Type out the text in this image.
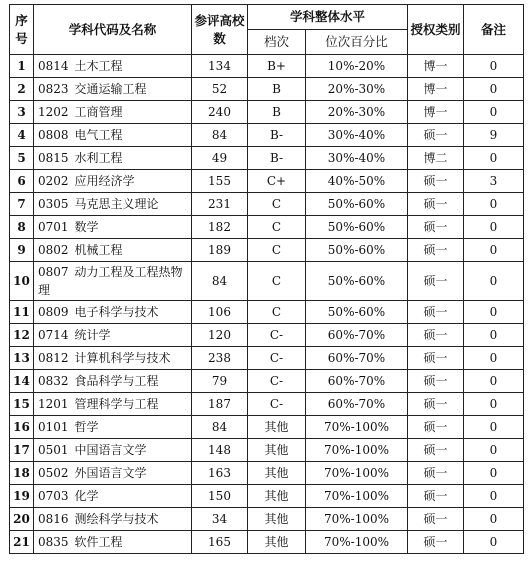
序号	学科代码及名称	参评高校数	学科整体水平		授权类别	备注
			档次	位次百分比		
1	0814 土木工程	134	B+	10%-20%	博一	0
2	0823 交通运输工程	52	B	20%-30%	博一	0
3	1202 工商管理	240	B	20%-30%	博一	0
4	0808 电气工程	84	B-	30%-40%	硕一	9
5	0815 水利工程	49	B-	30%-40%	博二	0
6	0202 应用经济学	155	C+	40%-50%	硕一	3
7	0305 马克思主义理论	231	C	50%-60%	硕一	0
8	0701 数学	182	C	50%-60%	硕一	0
9	0802 机械工程	189	C	50%-60%	硕一	0
10	0807 动力工程及工程热物理	84	C	50%-60%	硕一	0
11	0809 电子科学与技术	106	C	50%-60%	硕一	0
12	0714 统计学	120	C-	60%-70%	硕一	0
13	0812 计算机科学与技术	238	C-	60%-70%	硕一	0
14	0832 食品科学与工程	79	C-	60%-70%	硕一	0
15	1201 管理科学与工程	187	C-	60%-70%	硕一	0
16	0101 哲学	84	其他	70%-100%	硕一	0
17	0501 中国语言文学	148	其他	70%-100%	硕一	0
18	0502 外国语言文学	163	其他	70%-100%	硕一	0
19	0703 化学	150	其他	70%-100%	硕一	0
20	0816 测绘科学与技术	34	其他	70%-100%	硕一	0
21	0835 软件工程	165	其他	70%-100%	硕一	0
